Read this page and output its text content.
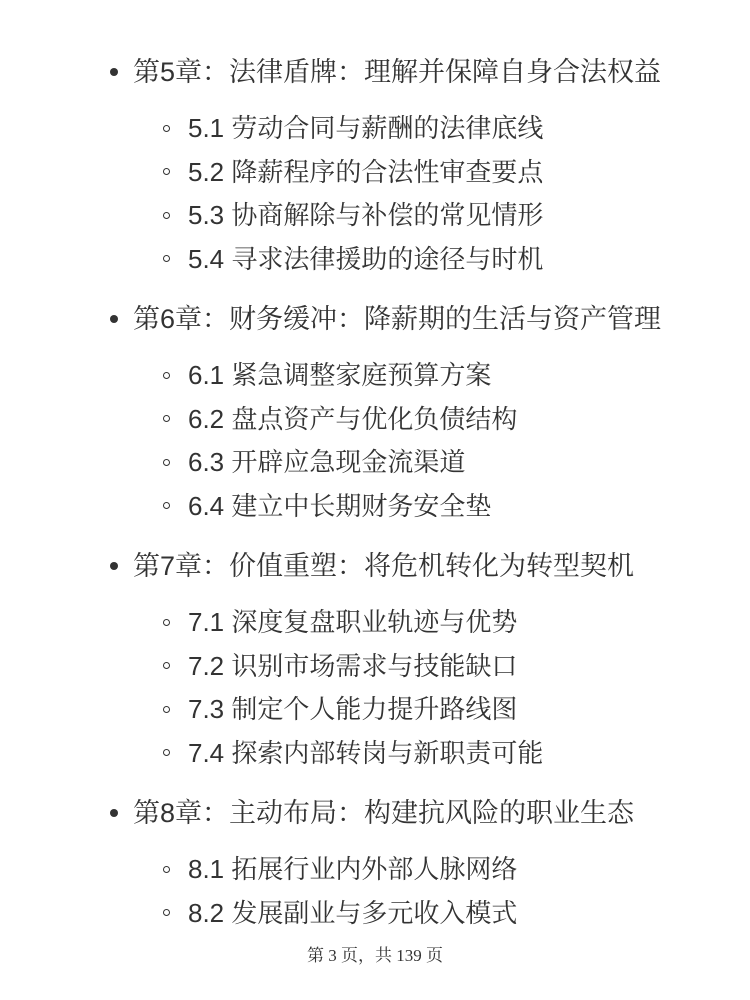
第5章：法律盾牌：理解并保障自身合法权益
5.1 劳动合同与薪酬的法律底线
5.2 降薪程序的合法性审查要点
5.3 协商解除与补偿的常见情形
5.4 寻求法律援助的途径与时机
第6章：财务缓冲：降薪期的生活与资产管理
6.1 紧急调整家庭预算方案
6.2 盘点资产与优化负债结构
6.3 开辟应急现金流渠道
6.4 建立中长期财务安全垫
第7章：价值重塑：将危机转化为转型契机
7.1 深度复盘职业轨迹与优势
7.2 识别市场需求与技能缺口
7.3 制定个人能力提升路线图
7.4 探索内部转岗与新职责可能
第8章：主动布局：构建抗风险的职业生态
8.1 拓展行业内外部人脉网络
8.2 发展副业与多元收入模式
第 3 页，共 139 页
